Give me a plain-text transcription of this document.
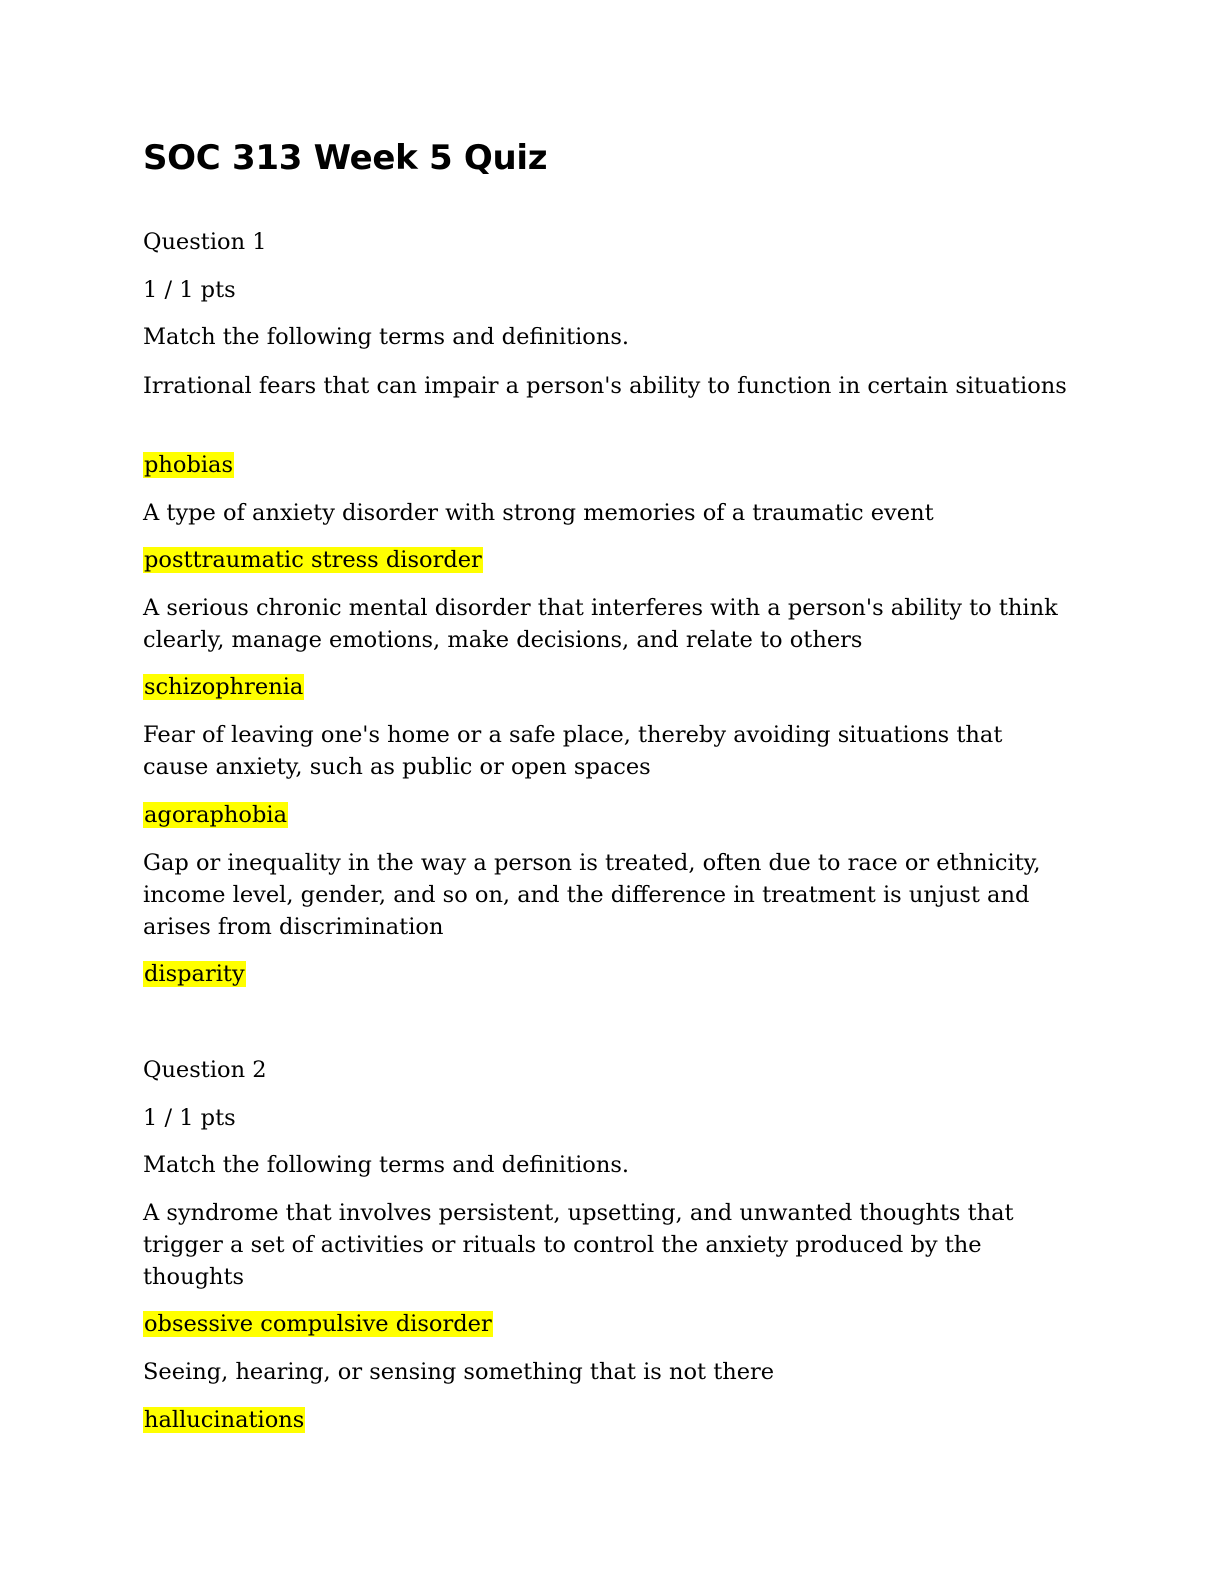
SOC 313 Week 5 Quiz

Question 1

1 / 1 pts

Match the following terms and definitions.

Irrational fears that can impair a person's ability to function in certain situations

phobias

A type of anxiety disorder with strong memories of a traumatic event

posttraumatic stress disorder

A serious chronic mental disorder that interferes with a person's ability to think clearly, manage emotions, make decisions, and relate to others

schizophrenia

Fear of leaving one's home or a safe place, thereby avoiding situations that cause anxiety, such as public or open spaces

agoraphobia

Gap or inequality in the way a person is treated, often due to race or ethnicity, income level, gender, and so on, and the difference in treatment is unjust and arises from discrimination

disparity

Question 2

1 / 1 pts

Match the following terms and definitions.

A syndrome that involves persistent, upsetting, and unwanted thoughts that trigger a set of activities or rituals to control the anxiety produced by the thoughts

obsessive compulsive disorder

Seeing, hearing, or sensing something that is not there

hallucinations
